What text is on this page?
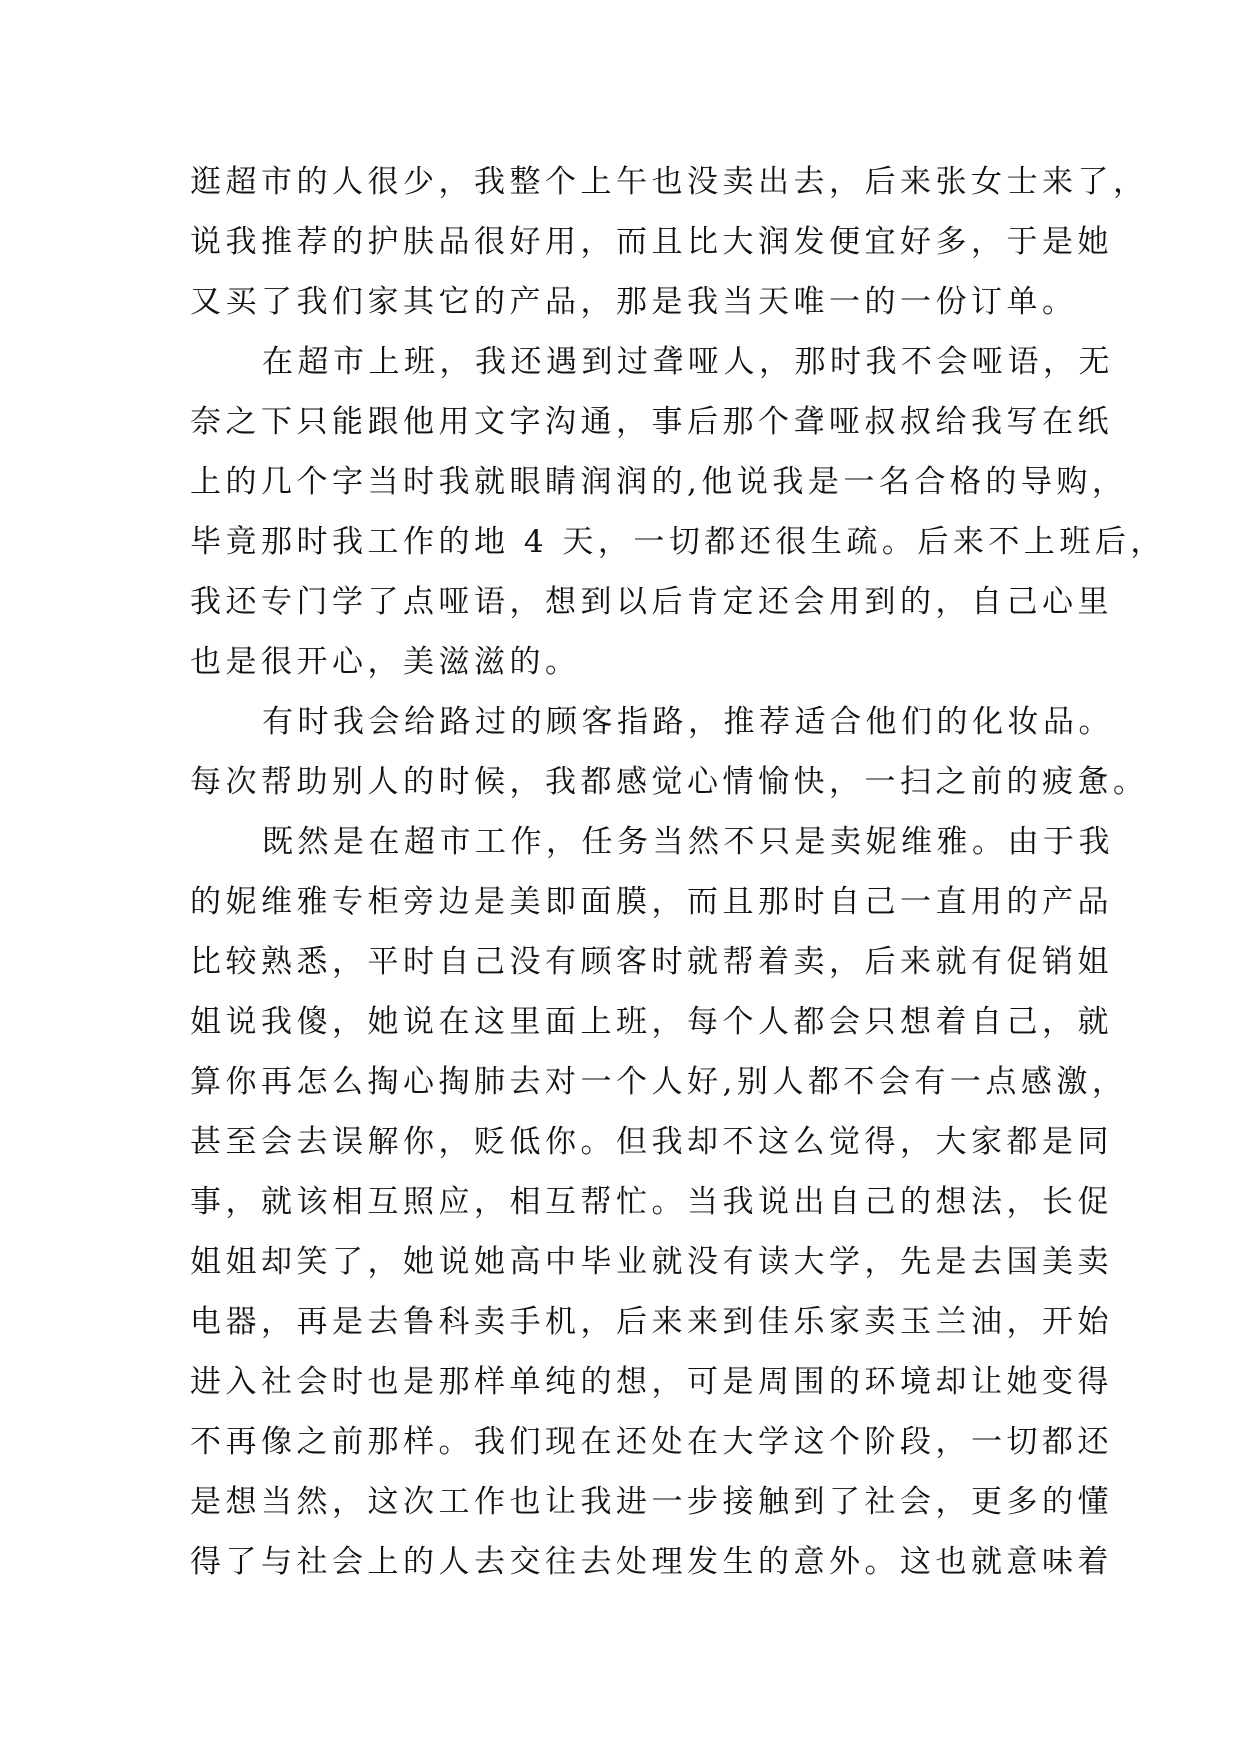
逛超市的人很少，我整个上午也没卖出去，后来张女士来了，
说我推荐的护肤品很好用，而且比大润发便宜好多，于是她
又买了我们家其它的产品，那是我当天唯一的一份订单。
在超市上班，我还遇到过聋哑人，那时我不会哑语，无
奈之下只能跟他用文字沟通，事后那个聋哑叔叔给我写在纸
上的几个字当时我就眼睛润润的,他说我是一名合格的导购，
毕竟那时我工作的地 4 天，一切都还很生疏。后来不上班后，
我还专门学了点哑语，想到以后肯定还会用到的，自己心里
也是很开心，美滋滋的。
有时我会给路过的顾客指路，推荐适合他们的化妆品。
每次帮助别人的时候，我都感觉心情愉快，一扫之前的疲惫。
既然是在超市工作，任务当然不只是卖妮维雅。由于我
的妮维雅专柜旁边是美即面膜，而且那时自己一直用的产品
比较熟悉，平时自己没有顾客时就帮着卖，后来就有促销姐
姐说我傻，她说在这里面上班，每个人都会只想着自己，就
算你再怎么掏心掏肺去对一个人好,别人都不会有一点感激，
甚至会去误解你，贬低你。但我却不这么觉得，大家都是同
事，就该相互照应，相互帮忙。当我说出自己的想法，长促
姐姐却笑了，她说她高中毕业就没有读大学，先是去国美卖
电器，再是去鲁科卖手机，后来来到佳乐家卖玉兰油，开始
进入社会时也是那样单纯的想，可是周围的环境却让她变得
不再像之前那样。我们现在还处在大学这个阶段，一切都还
是想当然，这次工作也让我进一步接触到了社会，更多的懂
得了与社会上的人去交往去处理发生的意外。这也就意味着
